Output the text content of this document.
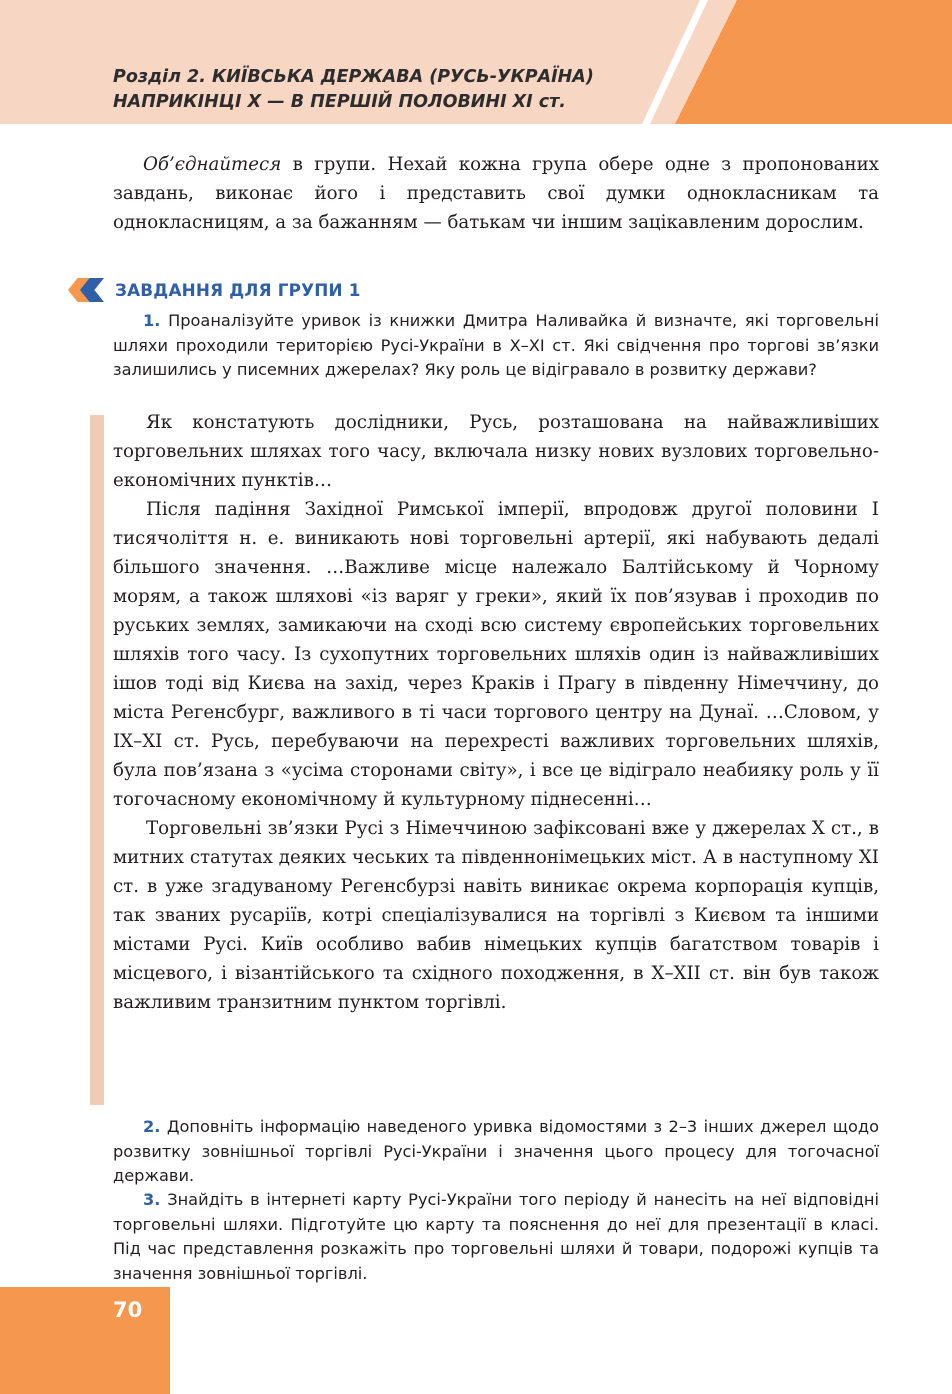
Розділ 2. КИЇВСЬКА ДЕРЖАВА (РУСЬ-УКРАЇНА)
НАПРИКІНЦІ Х — В ПЕРШІЙ ПОЛОВИНІ ХІ ст.

Об’єднайтеся в групи. Нехай кожна група обере одне з пропонованих завдань, виконає його і представить свої думки однокласникам та однокласницям, а за бажанням — батькам чи іншим зацікавленим дорослим.

ЗАВДАННЯ ДЛЯ ГРУПИ 1

1. Проаналізуйте уривок із книжки Дмитра Наливайка й визначте, які торговельні шляхи проходили територією Русі-України в Х–ХІ ст. Які свідчення про торгові зв’язки залишились у писемних джерелах? Яку роль це відігравало в розвитку держави?

Як констатують дослідники, Русь, розташована на найважливіших торговельних шляхах того часу, включала низку нових вузлових торговельно-економічних пунктів…

Після падіння Західної Римської імперії, впродовж другої половини І тисячоліття н. е. виникають нові торговельні артерії, які набувають дедалі більшого значення. …Важливе місце належало Балтійському й Чорному морям, а також шляхові «із варяг у греки», який їх пов’язував і проходив по руських землях, замикаючи на сході всю систему європейських торговельних шляхів того часу. Із сухопутних торговельних шляхів один із найважливіших ішов тоді від Києва на захід, через Краків і Прагу в південну Німеччину, до міста Регенсбург, важливого в ті часи торгового центру на Дунаї. …Словом, у ІХ–ХІ ст. Русь, перебуваючи на перехресті важливих торговельних шляхів, була пов’язана з «усіма сторонами світу», і все це відіграло неабияку роль у її тогочасному економічному й культурному піднесенні…

Торговельні зв’язки Русі з Німеччиною зафіксовані вже у джерелах Х ст., в митних статутах деяких чеських та південнонімецьких міст. А в наступному ХІ ст. в уже згадуваному Регенсбурзі навіть виникає окрема корпорація купців, так званих русаріїв, котрі спеціалізувалися на торгівлі з Києвом та іншими містами Русі. Київ особливо вабив німецьких купців багатством товарів і місцевого, і візантійського та східного походження, в Х–ХІІ ст. він був також важливим транзитним пунктом торгівлі.

2. Доповніть інформацію наведеного уривка відомостями з 2–3 інших джерел щодо розвитку зовнішньої торгівлі Русі-України і значення цього процесу для тогочасної держави.

3. Знайдіть в інтернеті карту Русі-України того періоду й нанесіть на неї відповідні торговельні шляхи. Підготуйте цю карту та пояснення до неї для презентації в класі. Під час представлення розкажіть про торговельні шляхи й товари, подорожі купців та значення зовнішньої торгівлі.

70
